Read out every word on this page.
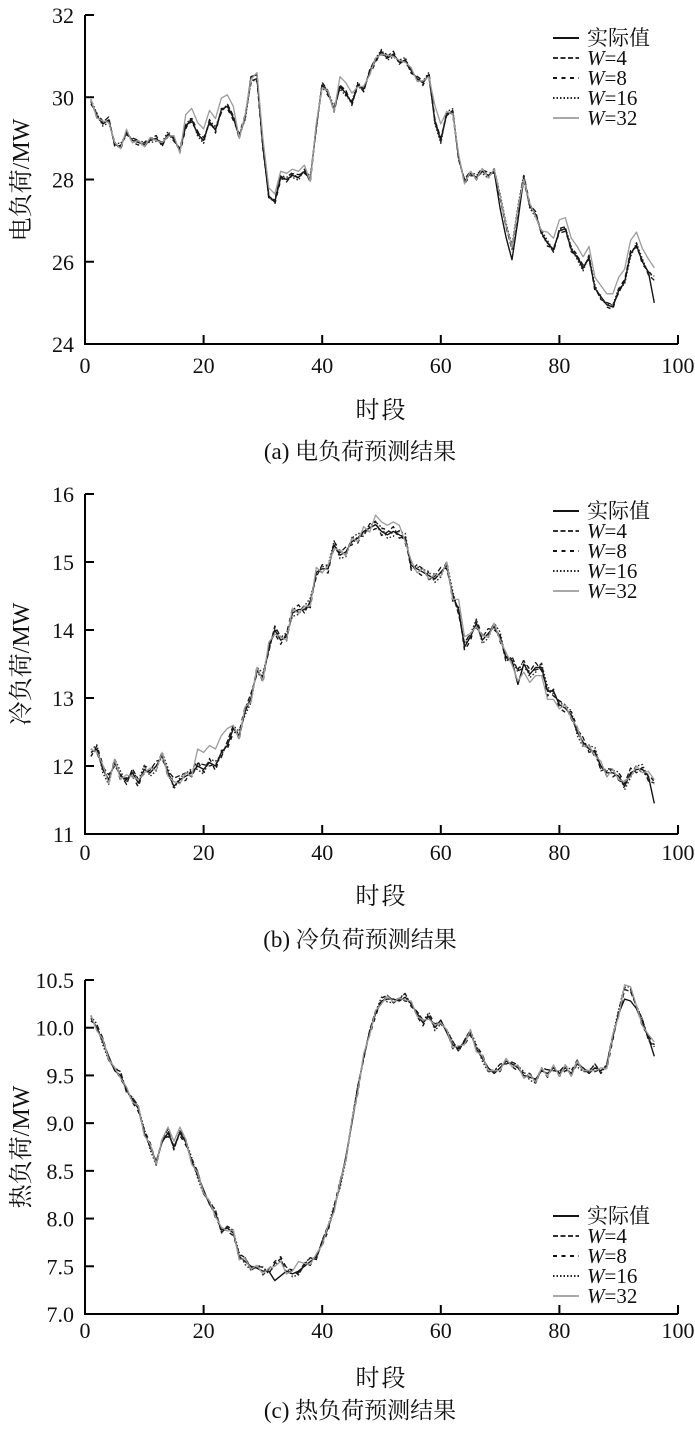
电负荷/MW
0	20	40	60	80	100
24
26
28
30
32
实际值
W=4
W=8
W=16
W=32
时段
(a) 电负荷预测结果
冷负荷/MW
0	20	40	60	80	100
11
12
13
14
15
16
实际值
W=4
W=8
W=16
W=32
时段
(b) 冷负荷预测结果
热负荷/MW
0	20	40	60	80	100
7.0
7.5
8.0
8.5
9.0
9.5
10.0
10.5
实际值
W=4
W=8
W=16
W=32
时段
(c) 热负荷预测结果
